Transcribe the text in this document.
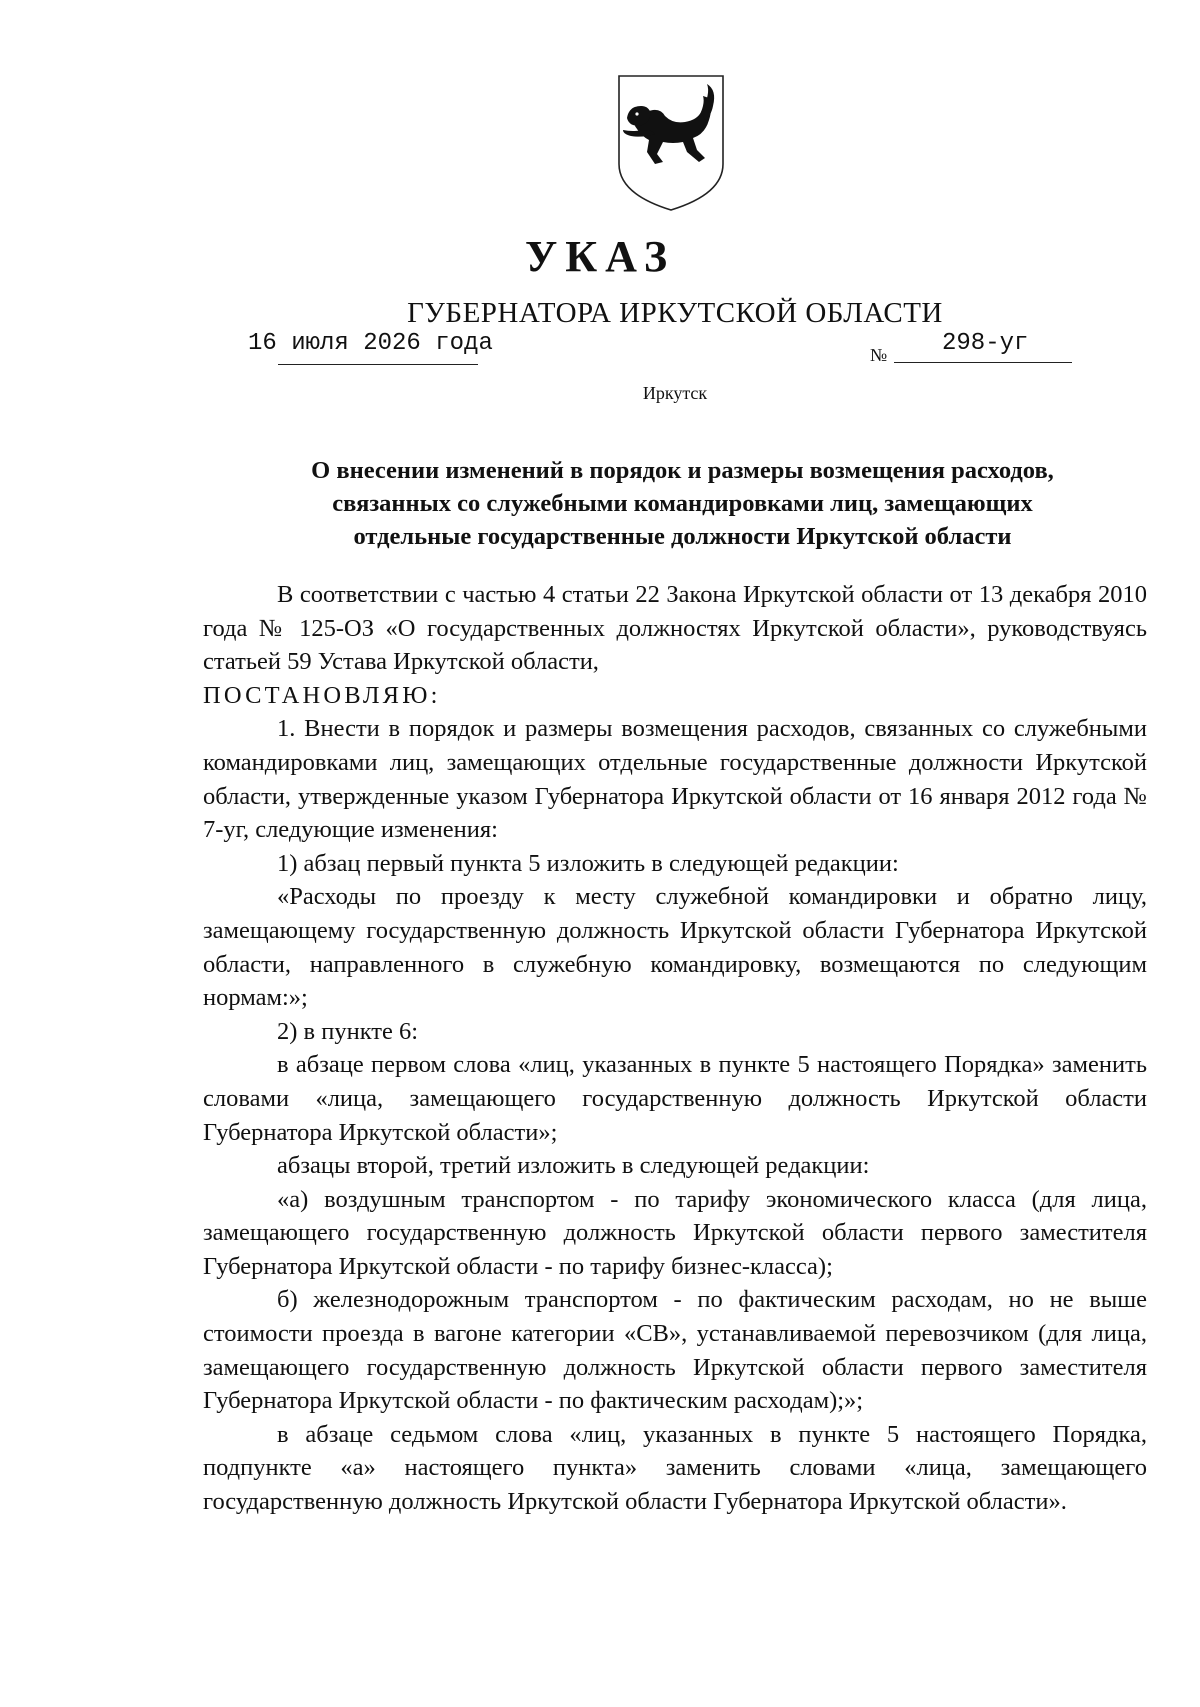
УКАЗ
ГУБЕРНАТОРА ИРКУТСКОЙ ОБЛАСТИ
16 июля 2026 года	№ 298-уг
Иркутск
О внесении изменений в порядок и размеры возмещения расходов,
связанных со служебными командировками лиц, замещающих
отдельные государственные должности Иркутской области

В соответствии с частью 4 статьи 22 Закона Иркутской области от 13 декабря 2010 года № 125-ОЗ «О государственных должностях Иркутской области», руководствуясь статьей 59 Устава Иркутской области,

ПОСТАНОВЛЯЮ:

1. Внести в порядок и размеры возмещения расходов, связанных со служебными командировками лиц, замещающих отдельные государственные должности Иркутской области, утвержденные указом Губернатора Иркутской области от 16 января 2012 года № 7-уг, следующие изменения:

1) абзац первый пункта 5 изложить в следующей редакции:

«Расходы по проезду к месту служебной командировки и обратно лицу, замещающему государственную должность Иркутской области Губернатора Иркутской области, направленного в служебную командировку, возмещаются по следующим нормам:»;

2) в пункте 6:

в абзаце первом слова «лиц, указанных в пункте 5 настоящего Порядка» заменить словами «лица, замещающего государственную должность Иркутской области Губернатора Иркутской области»;

абзацы второй, третий изложить в следующей редакции:

«а) воздушным транспортом - по тарифу экономического класса (для лица, замещающего государственную должность Иркутской области первого заместителя Губернатора Иркутской области - по тарифу бизнес-класса);

б) железнодорожным транспортом - по фактическим расходам, но не выше стоимости проезда в вагоне категории «СВ», устанавливаемой перевозчиком (для лица, замещающего государственную должность Иркутской области первого заместителя Губернатора Иркутской области - по фактическим расходам);»;

в абзаце седьмом слова «лиц, указанных в пункте 5 настоящего Порядка, подпункте «а» настоящего пункта» заменить словами «лица, замещающего государственную должность Иркутской области Губернатора Иркутской области».
